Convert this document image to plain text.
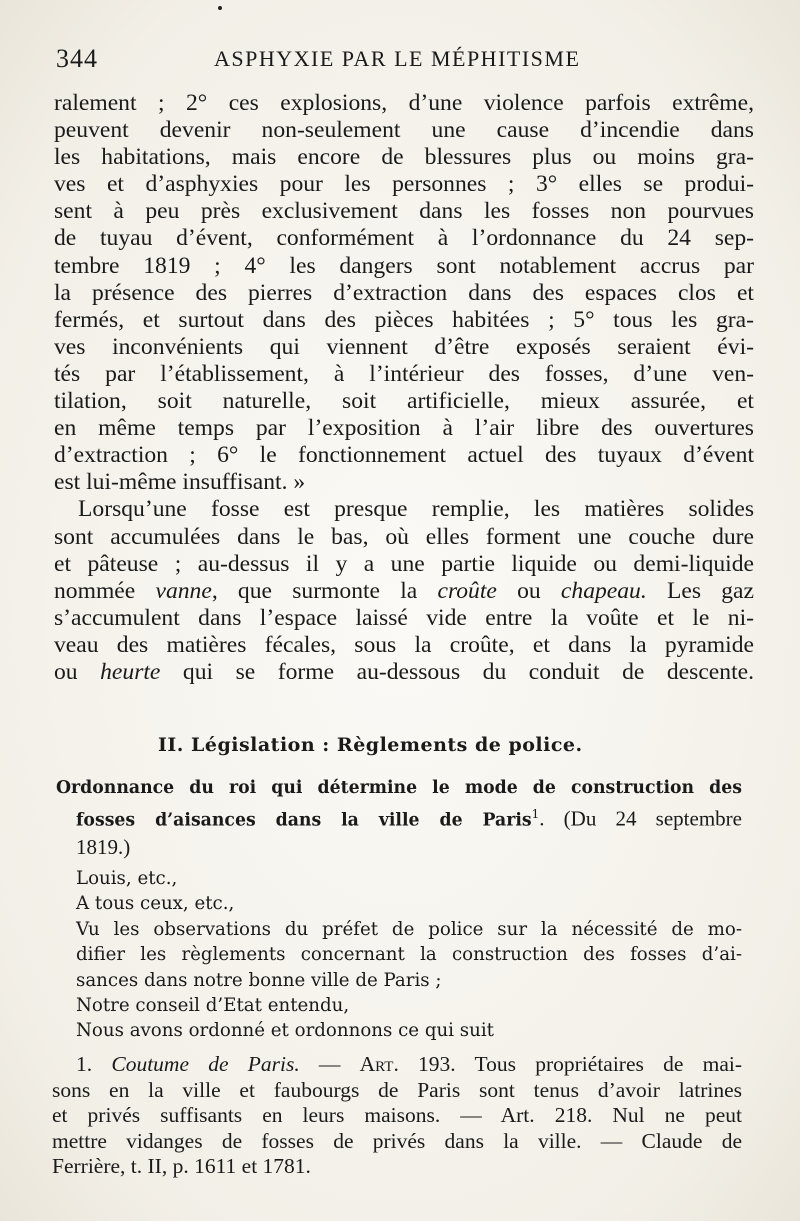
344	ASPHYXIE PAR LE MÉPHITISME

ralement ; 2° ces explosions, d’une violence parfois extrême,
peuvent devenir non-seulement une cause d’incendie dans
les habitations, mais encore de blessures plus ou moins gra-
ves et d’asphyxies pour les personnes ; 3° elles se produi-
sent à peu près exclusivement dans les fosses non pourvues
de tuyau d’évent, conformément à l’ordonnance du 24 sep-
tembre 1819 ; 4° les dangers sont notablement accrus par
la présence des pierres d’extraction dans des espaces clos et
fermés, et surtout dans des pièces habitées ; 5° tous les gra-
ves inconvénients qui viennent d’être exposés seraient évi-
tés par l’établissement, à l’intérieur des fosses, d’une ven-
tilation, soit naturelle, soit artificielle, mieux assurée, et
en même temps par l’exposition à l’air libre des ouvertures
d’extraction ; 6° le fonctionnement actuel des tuyaux d’évent
est lui-même insuffisant. »

Lorsqu’une fosse est presque remplie, les matières solides
sont accumulées dans le bas, où elles forment une couche dure
et pâteuse ; au-dessus il y a une partie liquide ou demi-liquide
nommée vanne, que surmonte la croûte ou chapeau. Les gaz
s’accumulent dans l’espace laissé vide entre la voûte et le ni-
veau des matières fécales, sous la croûte, et dans la pyramide
ou heurte qui se forme au-dessous du conduit de descente.

II. Législation : Règlements de police.
Ordonnance du roi qui détermine le mode de construction des
fosses d’aisances dans la ville de Paris$^1$. (Du 24 septembre
1819.)
Louis, etc.,
A tous ceux, etc.,
Vu les observations du préfet de police sur la nécessité de mo-
difier les règlements concernant la construction des fosses d’ai-
sances dans notre bonne ville de Paris ;
Notre conseil d’Etat entendu,
Nous avons ordonné et ordonnons ce qui suit
1. Coutume de Paris. — Art. 193. Tous propriétaires de mai-
sons en la ville et faubourgs de Paris sont tenus d’avoir latrines
et privés suffisants en leurs maisons. — Art. 218. Nul ne peut
mettre vidanges de fosses de privés dans la ville. — Claude de
Ferrière, t. II, p. 1611 et 1781.
